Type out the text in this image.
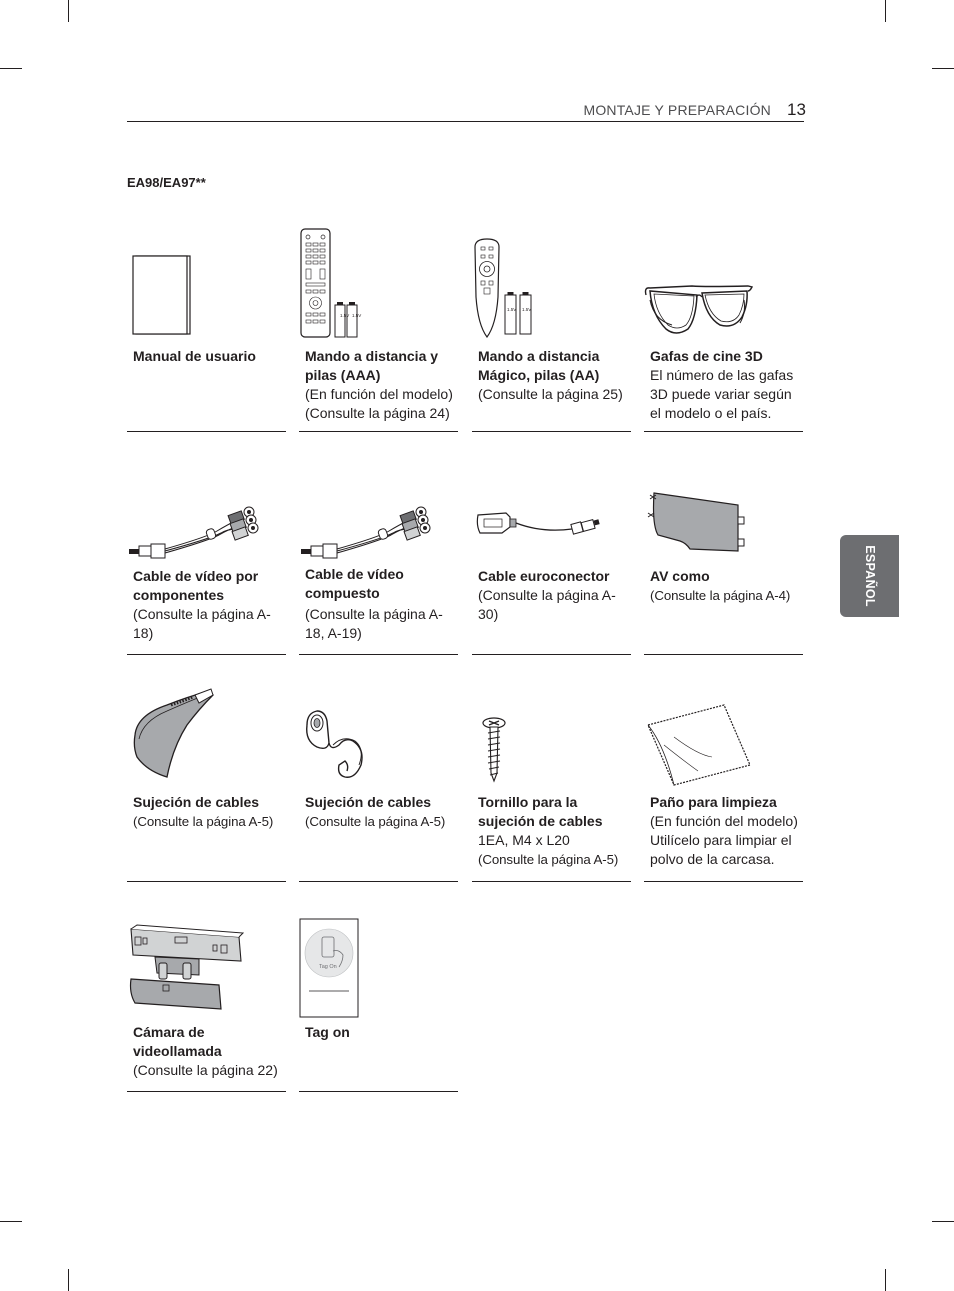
MONTAJE Y PREPARACIÓN 13
EA98/EA97**
ESPAÑOL
Manual de usuario
1.5V 1.5V
Mando a distancia y pilas (AAA)
(En función del modelo)
(Consulte la página 24)
1.5V 1.5V
Mando a distancia Mágico, pilas (AA)
(Consulte la página 25)
Gafas de cine 3D
El número de las gafas 3D puede variar según el modelo o el país.
Cable de vídeo por componentes
(Consulte la página A-18)
Cable de vídeo compuesto
(Consulte la página A-18, A-19)
Cable euroconector
(Consulte la página A-30)
AV como
(Consulte la página A-4)
Sujeción de cables
(Consulte la página A-5)
Sujeción de cables
(Consulte la página A-5)
Tornillo para la sujeción de cables
1EA, M4 x L20
(Consulte la página A-5)
Paño para limpieza
(En función del modelo)
Utilícelo para limpiar el polvo de la carcasa.
Cámara de videollamada
(Consulte la página 22)
Tag On
Tag on
